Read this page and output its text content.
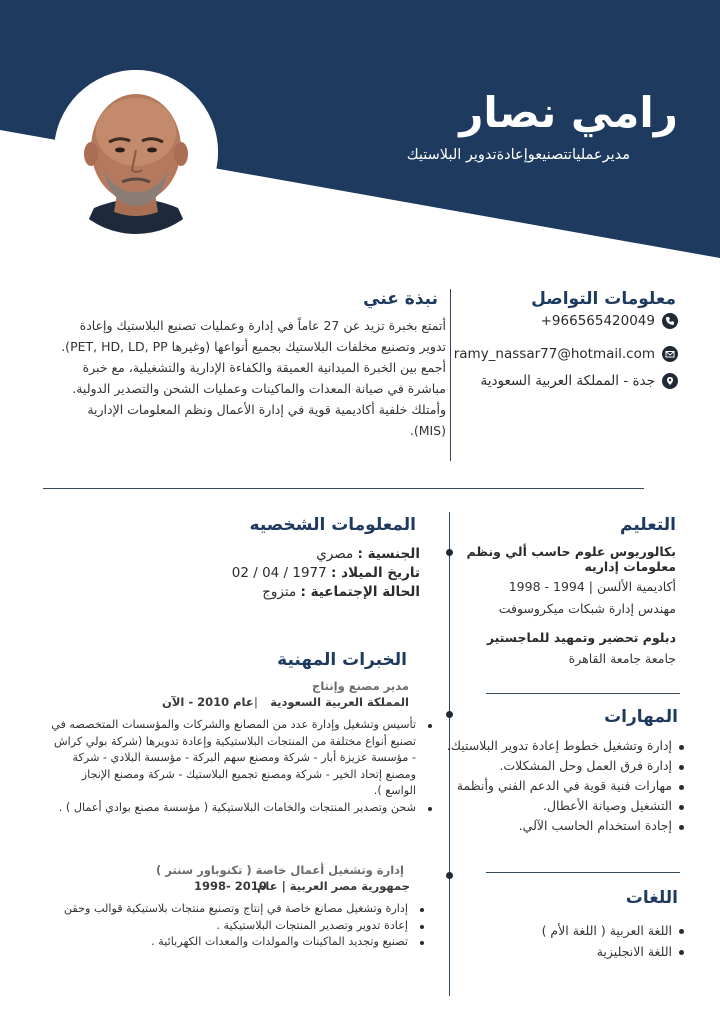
رامي نصار
مديرعملياتتصنيعوإعادةتدوير البلاستيك
معلومات التواصل
+966565420049
ramy_nassar77@hotmail.com
جدة - المملكة العربية السعودية
نبذة عني
أتمتع بخبرة تزيد عن 27 عاماً في إدارة وعمليات تصنيع البلاستيك وإعادة
تدوير وتصنيع مخلفات البلاستيك بجميع أنواعها (وغيرها PET, HD, LD, PP).
أجمع بين الخبرة الميدانية العميقة والكفاءة الإدارية والتشغيلية، مع خبرة
مباشرة في صيانة المعدات والماكينات وعمليات الشحن والتصدير الدولية.
وأمتلك خلفية أكاديمية قوية في إدارة الأعمال ونظم المعلومات الإدارية
(MIS).
التعليم
بكالوريوس علوم حاسب ألي ونظم
معلومات إداريه
أكاديمية الألسن | 1994 - 1998
مهندس إدارة شبكات ميكروسوفت
دبلوم تحضير وتمهيد للماجستير
جامعة جامعة القاهرة
المعلومات الشخصيه
الجنسية : مصري
تاريخ الميلاد : 02 / 04 / 1977
الحالة الإجتماعية : متزوج
المهارات
إدارة وتشغيل خطوط إعادة تدوير البلاستيك.
إدارة فرق العمل وحل المشكلات.
مهارات فنية قوية في الدعم الفني وأنظمة
التشغيل وصيانة الأعطال.
إجادة استخدام الحاسب الآلي.
اللغات
اللغة العربية ( اللغة الأم )
اللغة الانجليزية
الخبرات المهنية
مدير مصنع وإنتاج
المملكة العربية السعودية
|
عام 2010 - الآن
تأسيس وتشغيل وإدارة عدد من المصانع والشركات والمؤسسات المتخصصه في
تصنيع أنواع مختلفة من المنتجات البلاستيكية وإعادة تدويرها (شركة بولي كراش
- مؤسسة عزيزة أبار - شركة ومصنع سهم البركة - مؤسسة البلادي - شركة
ومصنع إتحاد الخير - شركة ومصنع تجميع البلاستيك - شركة ومصنع الإنجاز
الواسع ).
شحن وتصدير المنتجات والخامات البلاستيكية ( مؤسسة مصنع بوادي أعمال ) .
إدارة وتشغيل أعمال خاصة ( تكنوباور سنتر )
جمهورية مصر العربية | عام
1998- 2010
إدارة وتشغيل مصانع خاصة في إنتاج وتصنيع منتجات بلاستيكية قوالب وحقن
إعادة تدوير وتصدير المنتجات البلاستيكية .
تصنيع وتجديد الماكينات والمولدات والمعدات الكهربائية .
